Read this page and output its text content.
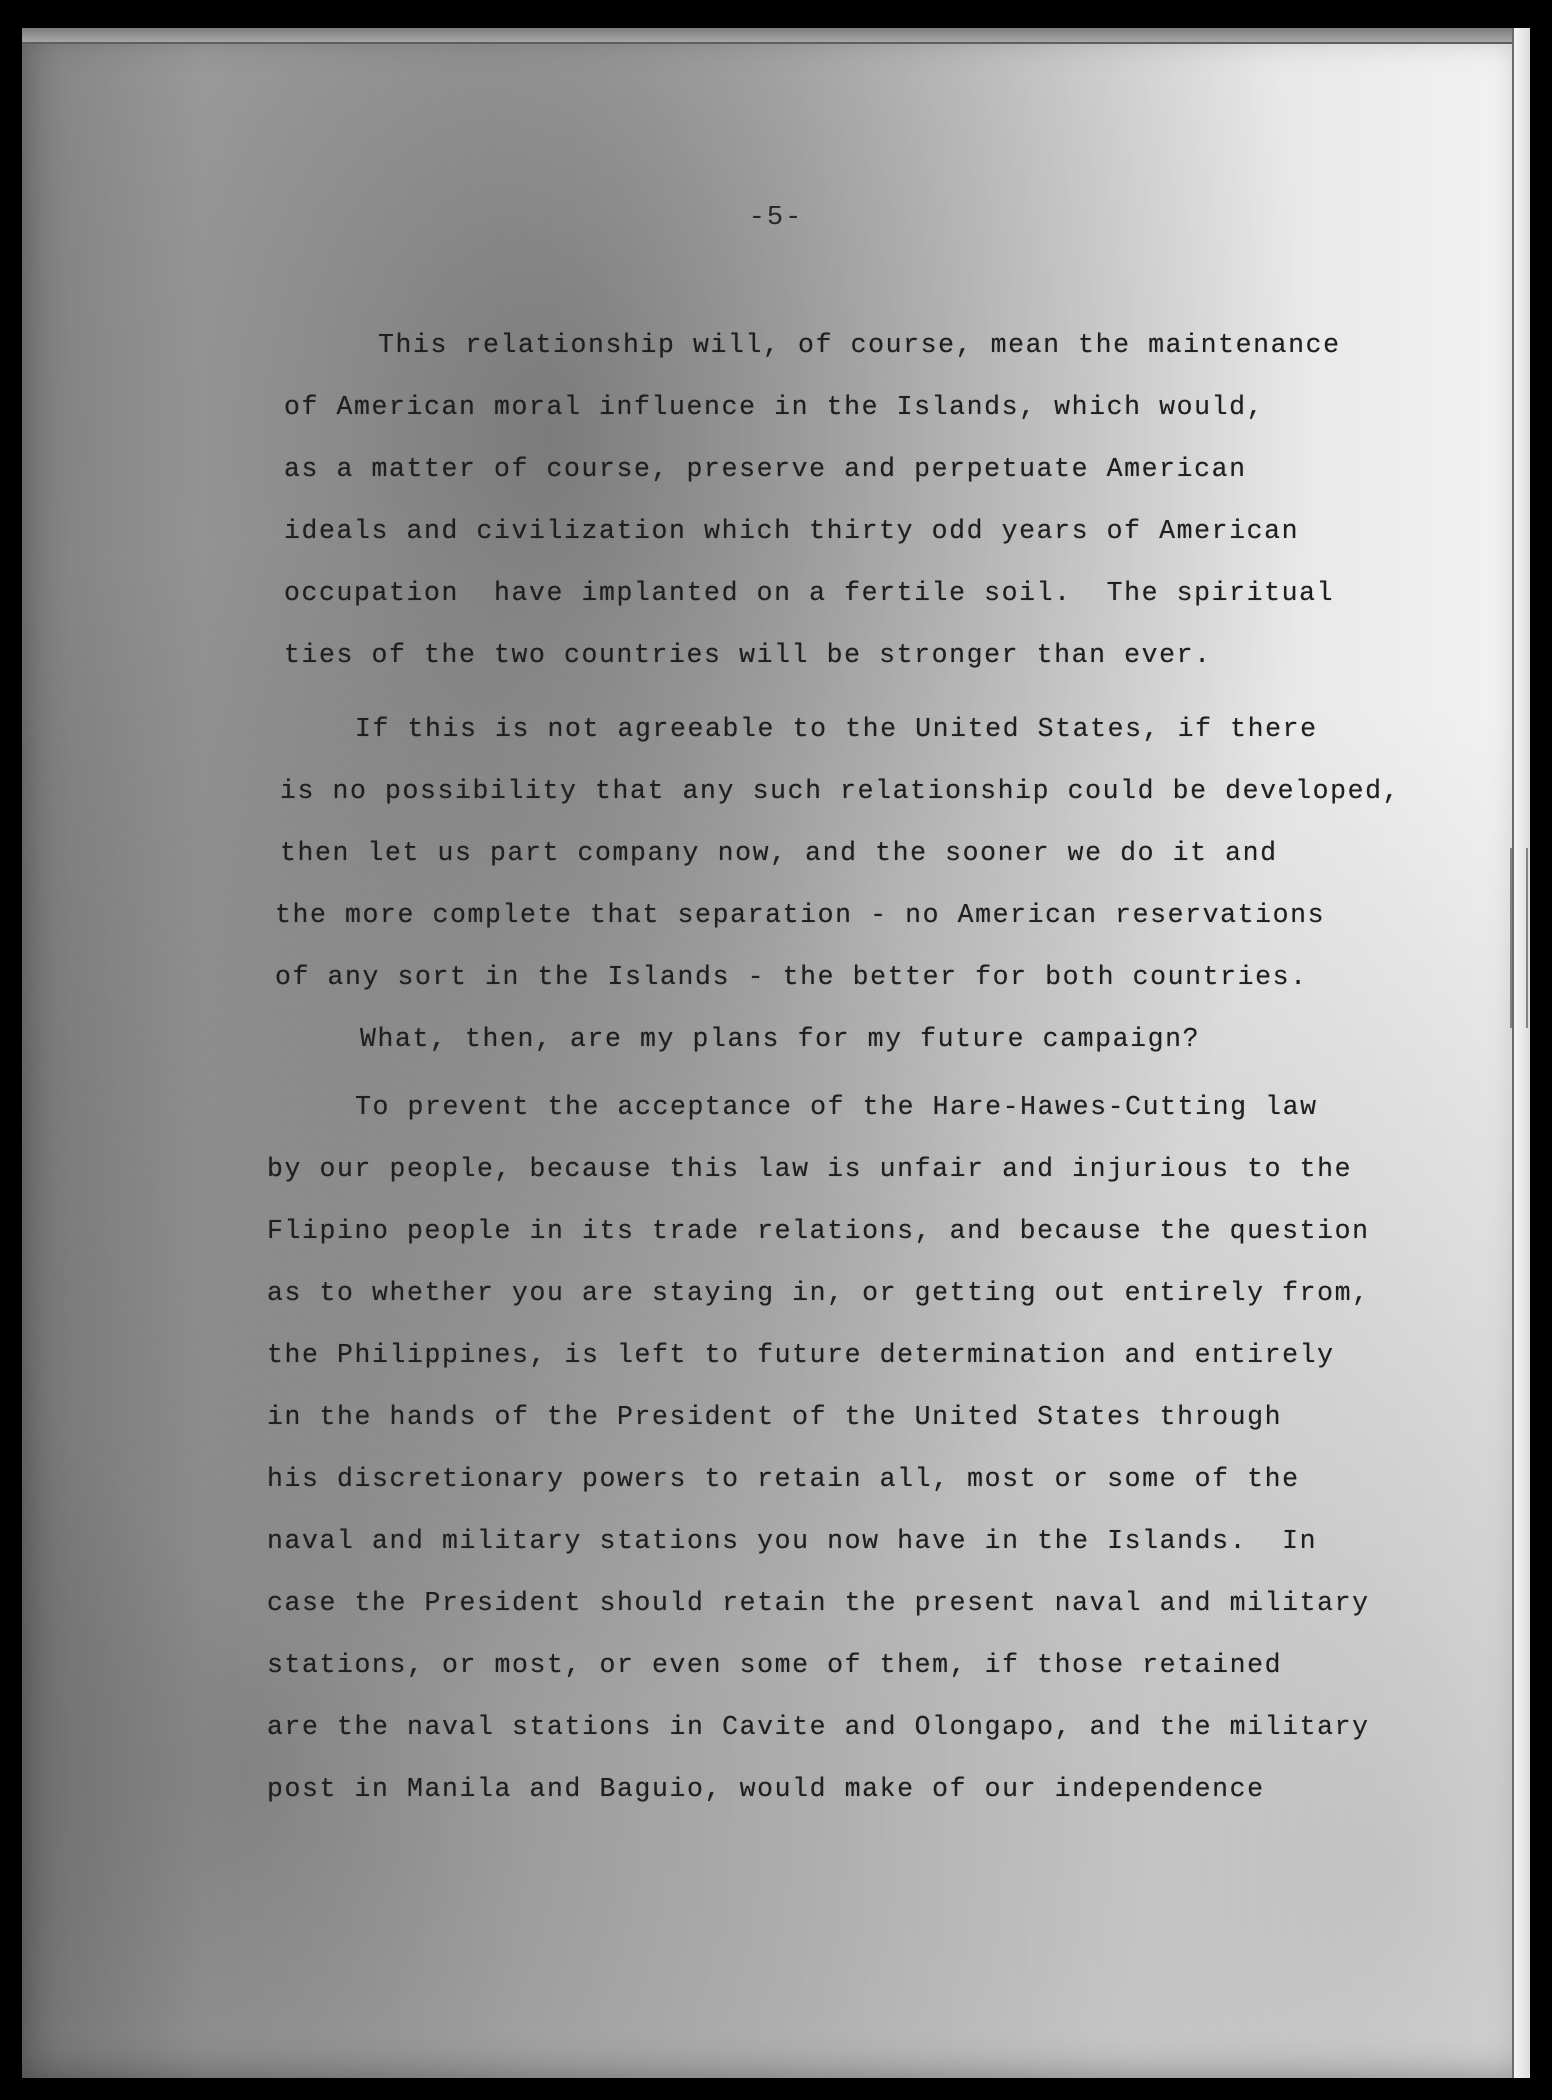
-5-
This relationship will, of course, mean the maintenance
of American moral influence in the Islands, which would,
as a matter of course, preserve and perpetuate American
ideals and civilization which thirty odd years of American
occupation  have implanted on a fertile soil.  The spiritual
ties of the two countries will be stronger than ever.
If this is not agreeable to the United States, if there
is no possibility that any such relationship could be developed,
then let us part company now, and the sooner we do it and
the more complete that separation - no American reservations
of any sort in the Islands - the better for both countries.
What, then, are my plans for my future campaign?
To prevent the acceptance of the Hare-Hawes-Cutting law
by our people, because this law is unfair and injurious to the
Flipino people in its trade relations, and because the question
as to whether you are staying in, or getting out entirely from,
the Philippines, is left to future determination and entirely
in the hands of the President of the United States through
his discretionary powers to retain all, most or some of the
naval and military stations you now have in the Islands.  In
case the President should retain the present naval and military
stations, or most, or even some of them, if those retained
are the naval stations in Cavite and Olongapo, and the military
post in Manila and Baguio, would make of our independence
